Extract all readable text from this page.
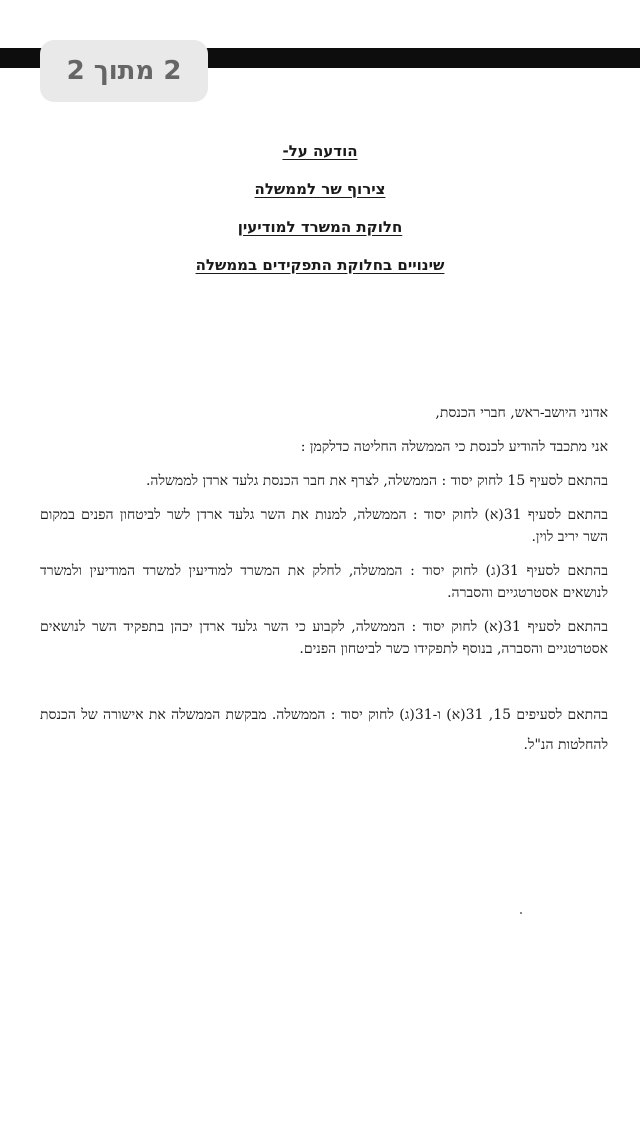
2 מתוך 2
הודעה על-
צירוף שר לממשלה
חלוקת המשרד למודיעין
שינויים בחלוקת התפקידים בממשלה

אדוני היושב-ראש, חברי הכנסת,

אני מתכבד להודיע לכנסת כי הממשלה החליטה כדלקמן :

בהתאם לסעיף 15 לחוק יסוד : הממשלה, לצרף את חבר הכנסת גלעד ארדן לממשלה.

בהתאם לסעיף 31(א) לחוק יסוד : הממשלה, למנות את השר גלעד ארדן לשר לביטחון הפנים במקום השר יריב לוין.

בהתאם לסעיף 31(ג) לחוק יסוד : הממשלה, לחלק את המשרד למודיעין למשרד המודיעין ולמשרד לנושאים אסטרטגיים והסברה.

בהתאם לסעיף 31(א) לחוק יסוד : הממשלה, לקבוע כי השר גלעד ארדן יכהן בתפקיד השר לנושאים אסטרטגיים והסברה, בנוסף לתפקידו כשר לביטחון הפנים.

בהתאם לסעיפים 15, 31(א) ו-31(ג) לחוק יסוד : הממשלה. מבקשת הממשלה את אישורה של הכנסת להחלטות הנ"ל.
